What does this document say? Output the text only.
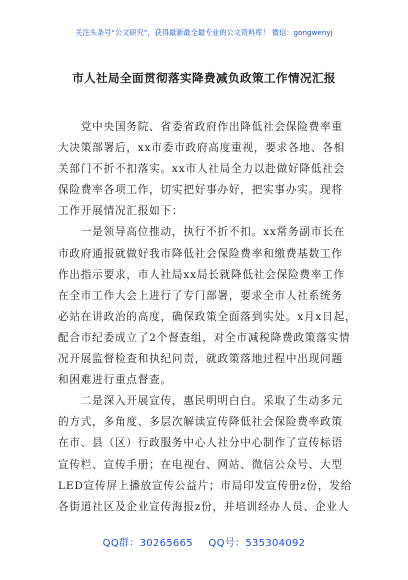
关注头条号“公文研究”，获得最新最全最专业的公文资料库！ 微信：gongwenyj
市人社局全面贯彻落实降费减负政策工作情况汇报
　　党中央国务院、省委省政府作出降低社会保险费率重
大决策部署后，xx市委市政府高度重视，要求各地、各相
关部门不折不扣落实。xx市人社局全力以赴做好降低社会
保险费率各项工作，切实把好事办好，把实事办实。现将
工作开展情况汇报如下：
　　一是领导高位推动，执行不折不扣。xx常务副市长在
市政府通报就做好我市降低社会保险费率和缴费基数工作
作出指示要求，市人社局xx局长就降低社会保险费率工作
在全市工作大会上进行了专门部署，要求全市人社系统务
必站在讲政治的高度，确保政策全面落到实处。x月x日起，
配合市纪委成立了2个督查组，对全市减税降费政策落实情
况开展监督检查和执纪问责，就政策落地过程中出现问题
和困难进行重点督查。
　　二是深入开展宣传，惠民明明白白。采取了生动多元
的方式，多角度、多层次解读宣传降低社会保险费率政策
在市、县（区）行政服务中心人社分中心制作了宣传标语
宣传栏、宣传手册；在电视台、网站、微信公众号、大型
LED宣传屏上播放宣传公益片；市局印发宣传册z份，发给
各街道社区及企业宣传海报z份，并培训经办人员、企业人
QQ群：30265665 QQ号：535304092
